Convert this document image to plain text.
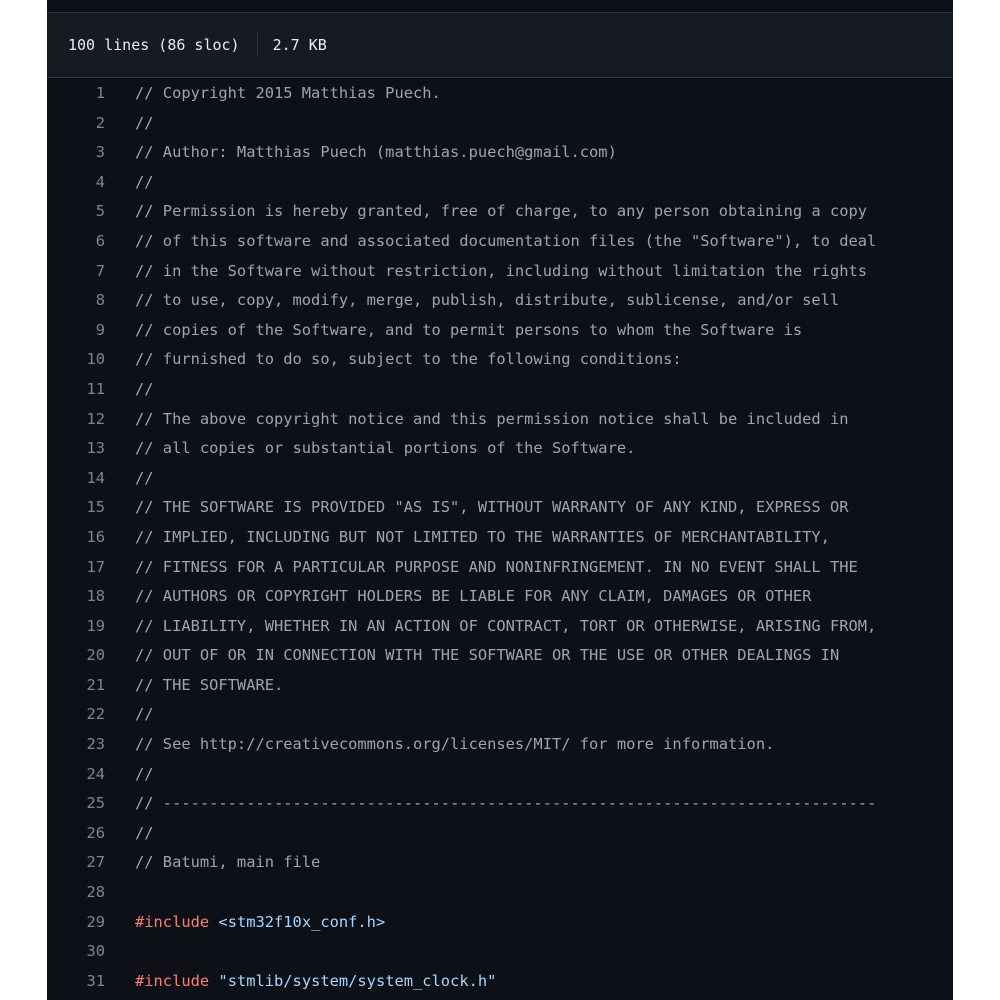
100 lines (86 sloc) 2.7 KB
1 // Copyright 2015 Matthias Puech.
2 //
3 // Author: Matthias Puech (matthias.puech@gmail.com)
4 //
5 // Permission is hereby granted, free of charge, to any person obtaining a copy
6 // of this software and associated documentation files (the "Software"), to deal
7 // in the Software without restriction, including without limitation the rights
8 // to use, copy, modify, merge, publish, distribute, sublicense, and/or sell
9 // copies of the Software, and to permit persons to whom the Software is
10 // furnished to do so, subject to the following conditions:
11 //
12 // The above copyright notice and this permission notice shall be included in
13 // all copies or substantial portions of the Software.
14 //
15 // THE SOFTWARE IS PROVIDED "AS IS", WITHOUT WARRANTY OF ANY KIND, EXPRESS OR
16 // IMPLIED, INCLUDING BUT NOT LIMITED TO THE WARRANTIES OF MERCHANTABILITY,
17 // FITNESS FOR A PARTICULAR PURPOSE AND NONINFRINGEMENT. IN NO EVENT SHALL THE
18 // AUTHORS OR COPYRIGHT HOLDERS BE LIABLE FOR ANY CLAIM, DAMAGES OR OTHER
19 // LIABILITY, WHETHER IN AN ACTION OF CONTRACT, TORT OR OTHERWISE, ARISING FROM,
20 // OUT OF OR IN CONNECTION WITH THE SOFTWARE OR THE USE OR OTHER DEALINGS IN
21 // THE SOFTWARE.
22 //
23 // See http://creativecommons.org/licenses/MIT/ for more information.
24 //
25 // -----------------------------------------------------------------------------
26 //
27 // Batumi, main file
28
29 #include <stm32f10x_conf.h>
30
31 #include "stmlib/system/system_clock.h"
